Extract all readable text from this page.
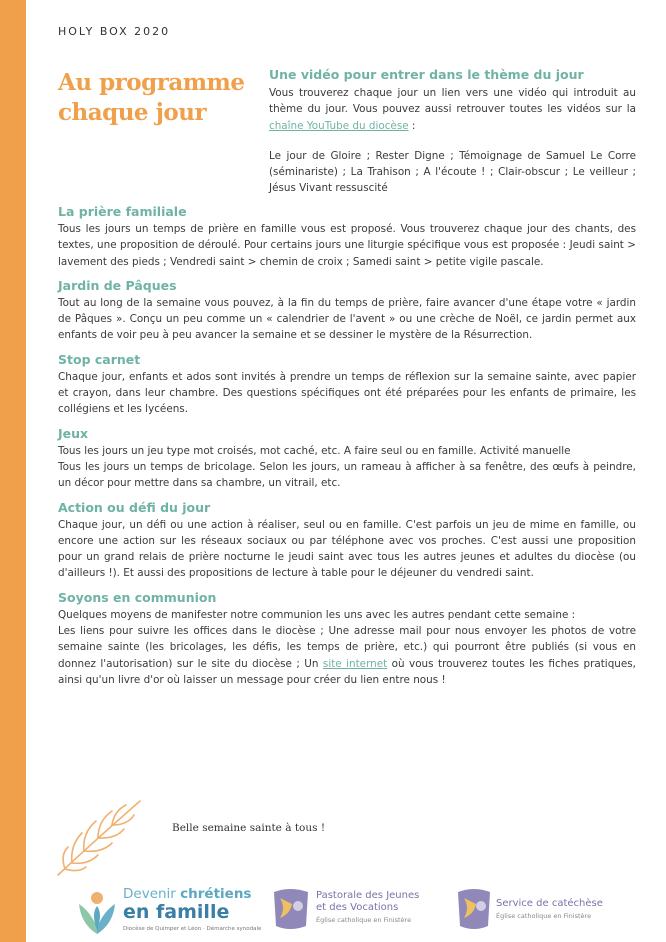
HOLY BOX 2020
Au programme
chaque jour
Une vidéo pour entrer dans le thème du jour

Vous trouverez chaque jour un lien vers une vidéo qui introduit au thème du jour. Vous pouvez aussi retrouver toutes les vidéos sur la chaîne YouTube du diocèse :

Le jour de Gloire ; Rester Digne ; Témoignage de Samuel Le Corre (séminariste) ; La Trahison ; A l'écoute ! ; Clair-obscur ; Le veilleur ; Jésus Vivant ressuscité

La prière familiale

Tous les jours un temps de prière en famille vous est proposé. Vous trouverez chaque jour des chants, des textes, une proposition de déroulé. Pour certains jours une liturgie spécifique vous est proposée : Jeudi saint > lavement des pieds ; Vendredi saint > chemin de croix ; Samedi saint > petite vigile pascale.

Jardin de Pâques

Tout au long de la semaine vous pouvez, à la fin du temps de prière, faire avancer d'une étape votre « jardin de Pâques ». Conçu un peu comme un « calendrier de l'avent » ou une crèche de Noël, ce jardin permet aux enfants de voir peu à peu avancer la semaine et se dessiner le mystère de la Résurrection.

Stop carnet

Chaque jour, enfants et ados sont invités à prendre un temps de réflexion sur la semaine sainte, avec papier et crayon, dans leur chambre. Des questions spécifiques ont été préparées pour les enfants de primaire, les collégiens et les lycéens.

Jeux

Tous les jours un jeu type mot croisés, mot caché, etc. A faire seul ou en famille. Activité manuelle

Tous les jours un temps de bricolage. Selon les jours, un rameau à afficher à sa fenêtre, des œufs à peindre, un décor pour mettre dans sa chambre, un vitrail, etc.

Action ou défi du jour

Chaque jour, un défi ou une action à réaliser, seul ou en famille. C'est parfois un jeu de mime en famille, ou encore une action sur les réseaux sociaux ou par téléphone avec vos proches. C'est aussi une proposition pour un grand relais de prière nocturne le jeudi saint avec tous les autres jeunes et adultes du diocèse (ou d'ailleurs !). Et aussi des propositions de lecture à table pour le déjeuner du vendredi saint.

Soyons en communion

Quelques moyens de manifester notre communion les uns avec les autres pendant cette semaine :

Les liens pour suivre les offices dans le diocèse ; Une adresse mail pour nous envoyer les photos de votre semaine sainte (les bricolages, les défis, les temps de prière, etc.) qui pourront être publiés (si vous en donnez l'autorisation) sur le site du diocèse ; Un site internet où vous trouverez toutes les fiches pratiques, ainsi qu'un livre d'or où laisser un message pour créer du lien entre nous !

Belle semaine sainte à tous !
Devenir chrétiens
en famille
Diocèse de Quimper et Léon · Démarche synodale
Pastorale des Jeunes
et des Vocations
Église catholique en Finistère
Service de catéchèse
Église catholique en Finistère
